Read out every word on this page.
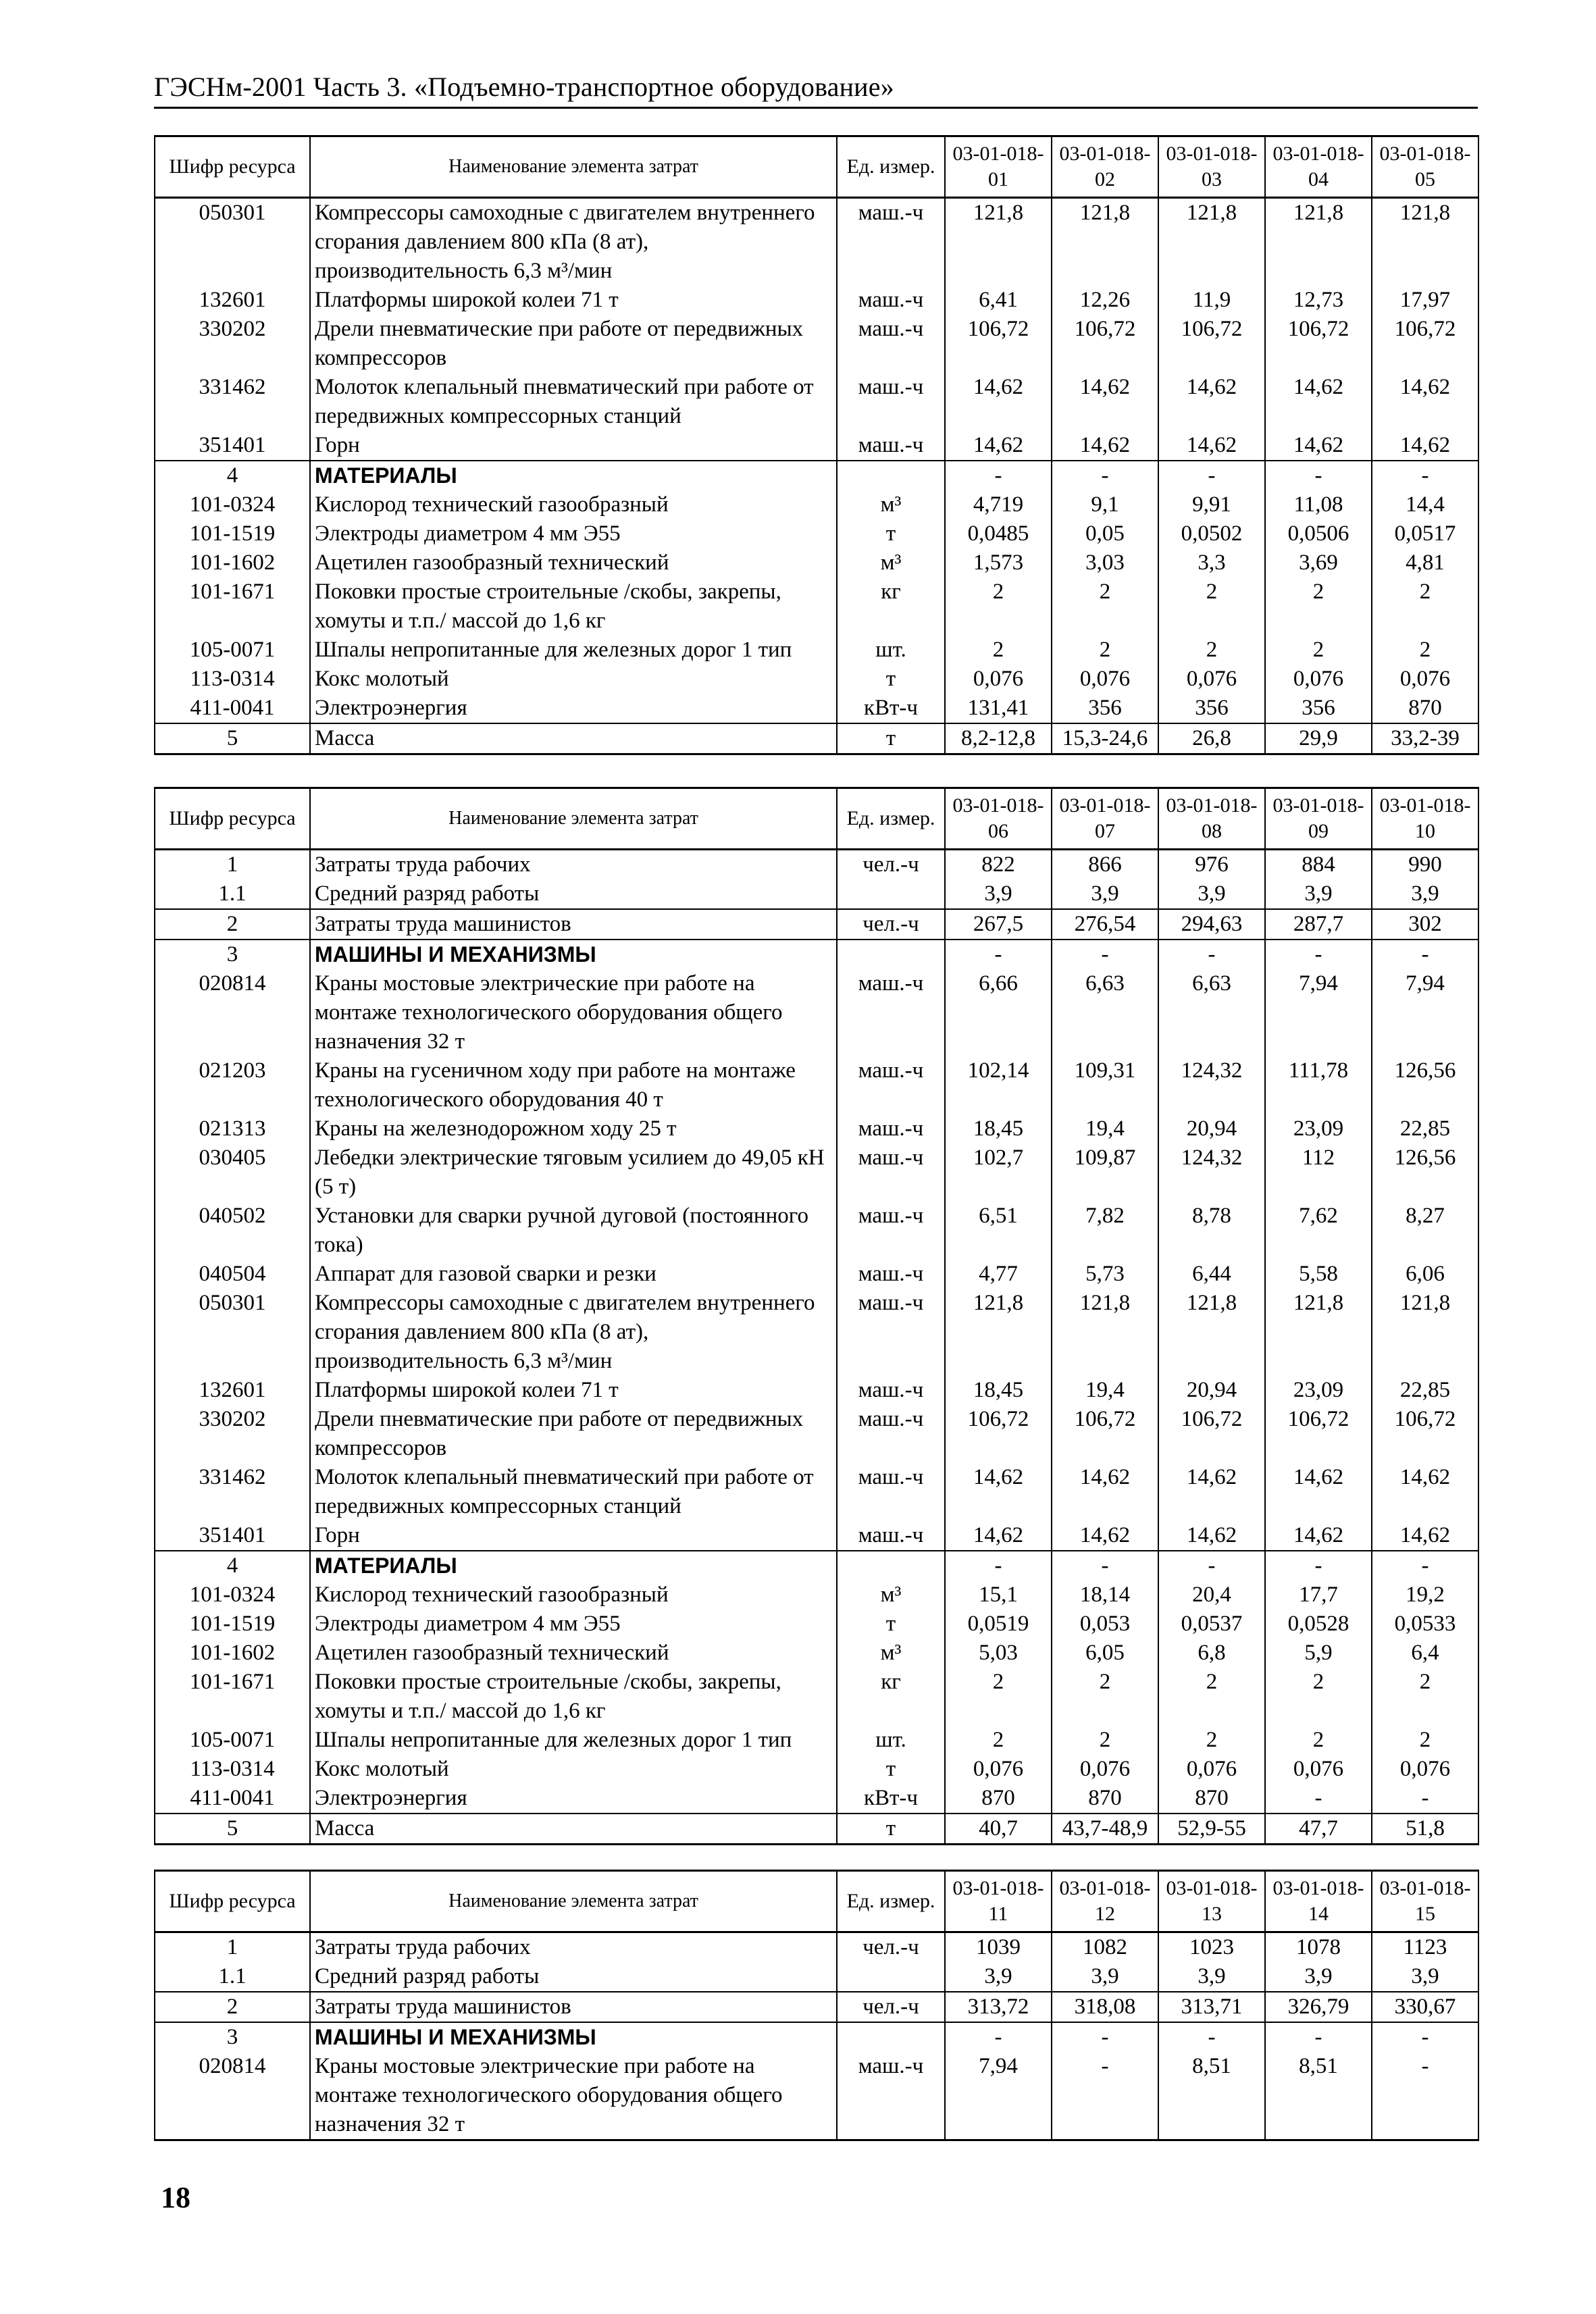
ГЭСНм-2001 Часть 3. «Подъемно-транспортное оборудование»
Шифр ресурса	Наименование элемента затрат	Ед. измер.	03-01-018-01	03-01-018-02	03-01-018-03	03-01-018-04	03-01-018-05
050301	Компрессоры самоходные с двигателем внутреннего сгорания давлением 800 кПа (8 ат), производительность 6,3 м³/мин	маш.-ч	121,8	121,8	121,8	121,8	121,8
132601	Платформы широкой колеи 71 т	маш.-ч	6,41	12,26	11,9	12,73	17,97
330202	Дрели пневматические при работе от передвижных компрессоров	маш.-ч	106,72	106,72	106,72	106,72	106,72
331462	Молоток клепальный пневматический при работе от передвижных компрессорных станций	маш.-ч	14,62	14,62	14,62	14,62	14,62
351401	Горн	маш.-ч	14,62	14,62	14,62	14,62	14,62
4	МАТЕРИАЛЫ		-	-	-	-	-
101-0324	Кислород технический газообразный	м³	4,719	9,1	9,91	11,08	14,4
101-1519	Электроды диаметром 4 мм Э55	т	0,0485	0,05	0,0502	0,0506	0,0517
101-1602	Ацетилен газообразный технический	м³	1,573	3,03	3,3	3,69	4,81
101-1671	Поковки простые строительные /скобы, закрепы, хомуты и т.п./ массой до 1,6 кг	кг	2	2	2	2	2
105-0071	Шпалы непропитанные для железных дорог 1 тип	шт.	2	2	2	2	2
113-0314	Кокс молотый	т	0,076	0,076	0,076	0,076	0,076
411-0041	Электроэнергия	кВт-ч	131,41	356	356	356	870
5	Масса	т	8,2-12,8	15,3-24,6	26,8	29,9	33,2-39
Шифр ресурса	Наименование элемента затрат	Ед. измер.	03-01-018-06	03-01-018-07	03-01-018-08	03-01-018-09	03-01-018-10
1	Затраты труда рабочих	чел.-ч	822	866	976	884	990
1.1	Средний разряд работы		3,9	3,9	3,9	3,9	3,9
2	Затраты труда машинистов	чел.-ч	267,5	276,54	294,63	287,7	302
3	МАШИНЫ И МЕХАНИЗМЫ		-	-	-	-	-
020814	Краны мостовые электрические при работе на монтаже технологического оборудования общего назначения 32 т	маш.-ч	6,66	6,63	6,63	7,94	7,94
021203	Краны на гусеничном ходу при работе на монтаже технологического оборудования 40 т	маш.-ч	102,14	109,31	124,32	111,78	126,56
021313	Краны на железнодорожном ходу 25 т	маш.-ч	18,45	19,4	20,94	23,09	22,85
030405	Лебедки электрические тяговым усилием до 49,05 кН (5 т)	маш.-ч	102,7	109,87	124,32	112	126,56
040502	Установки для сварки ручной дуговой (постоянного тока)	маш.-ч	6,51	7,82	8,78	7,62	8,27
040504	Аппарат для газовой сварки и резки	маш.-ч	4,77	5,73	6,44	5,58	6,06
050301	Компрессоры самоходные с двигателем внутреннего сгорания давлением 800 кПа (8 ат), производительность 6,3 м³/мин	маш.-ч	121,8	121,8	121,8	121,8	121,8
132601	Платформы широкой колеи 71 т	маш.-ч	18,45	19,4	20,94	23,09	22,85
330202	Дрели пневматические при работе от передвижных компрессоров	маш.-ч	106,72	106,72	106,72	106,72	106,72
331462	Молоток клепальный пневматический при работе от передвижных компрессорных станций	маш.-ч	14,62	14,62	14,62	14,62	14,62
351401	Горн	маш.-ч	14,62	14,62	14,62	14,62	14,62
4	МАТЕРИАЛЫ		-	-	-	-	-
101-0324	Кислород технический газообразный	м³	15,1	18,14	20,4	17,7	19,2
101-1519	Электроды диаметром 4 мм Э55	т	0,0519	0,053	0,0537	0,0528	0,0533
101-1602	Ацетилен газообразный технический	м³	5,03	6,05	6,8	5,9	6,4
101-1671	Поковки простые строительные /скобы, закрепы, хомуты и т.п./ массой до 1,6 кг	кг	2	2	2	2	2
105-0071	Шпалы непропитанные для железных дорог 1 тип	шт.	2	2	2	2	2
113-0314	Кокс молотый	т	0,076	0,076	0,076	0,076	0,076
411-0041	Электроэнергия	кВт-ч	870	870	870	-	-
5	Масса	т	40,7	43,7-48,9	52,9-55	47,7	51,8
Шифр ресурса	Наименование элемента затрат	Ед. измер.	03-01-018-11	03-01-018-12	03-01-018-13	03-01-018-14	03-01-018-15
1	Затраты труда рабочих	чел.-ч	1039	1082	1023	1078	1123
1.1	Средний разряд работы		3,9	3,9	3,9	3,9	3,9
2	Затраты труда машинистов	чел.-ч	313,72	318,08	313,71	326,79	330,67
3	МАШИНЫ И МЕХАНИЗМЫ		-	-	-	-	-
020814	Краны мостовые электрические при работе на монтаже технологического оборудования общего назначения 32 т	маш.-ч	7,94	-	8,51	8,51	-
18
